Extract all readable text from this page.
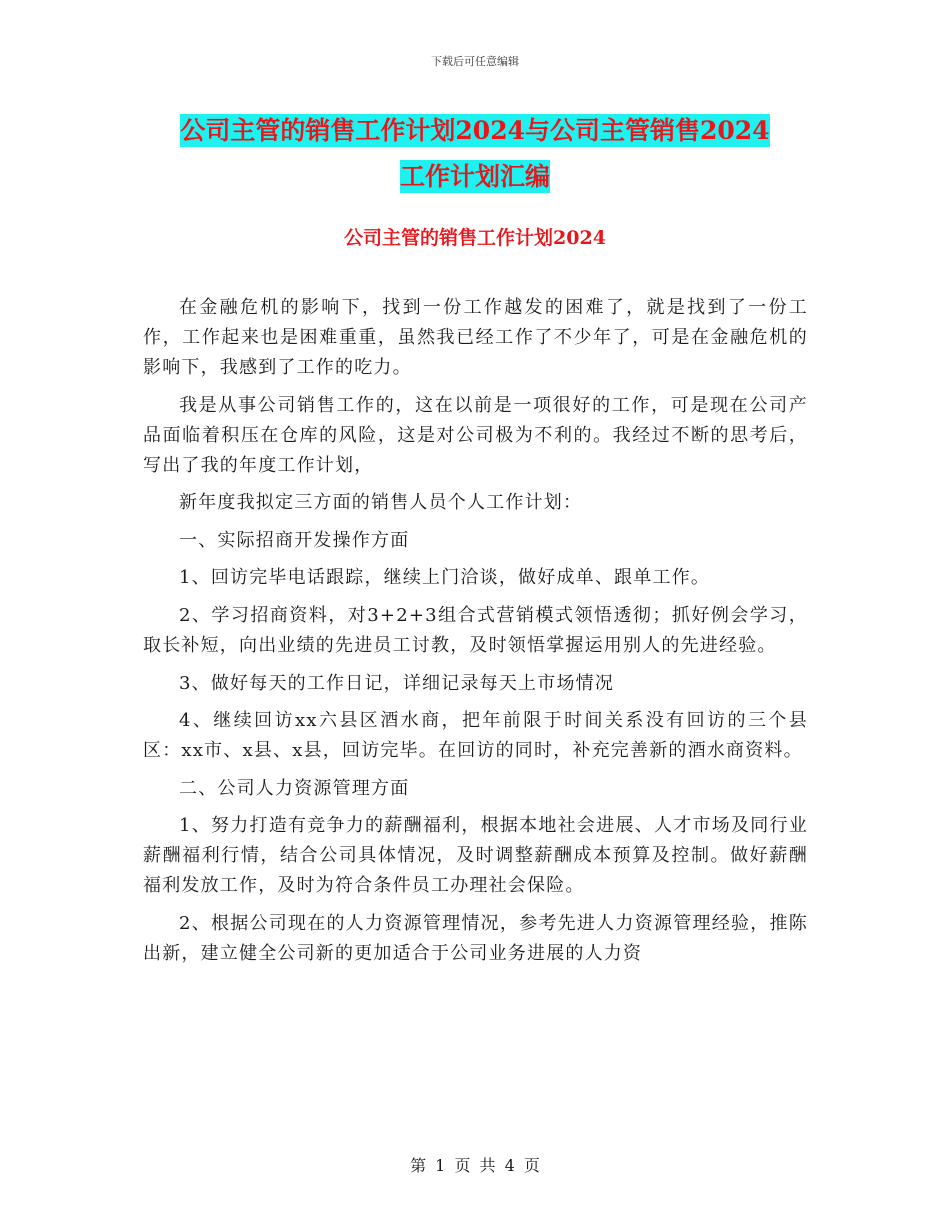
下载后可任意编辑
公司主管的销售工作计划2024与公司主管销售2024
工作计划汇编
公司主管的销售工作计划2024

在金融危机的影响下，找到一份工作越发的困难了，就是找到了一份工作，工作起来也是困难重重，虽然我已经工作了不少年了，可是在金融危机的影响下，我感到了工作的吃力。

我是从事公司销售工作的，这在以前是一项很好的工作，可是现在公司产品面临着积压在仓库的风险，这是对公司极为不利的。我经过不断的思考后，写出了我的年度工作计划，

新年度我拟定三方面的销售人员个人工作计划：

一、实际招商开发操作方面

1、回访完毕电话跟踪，继续上门洽谈，做好成单、跟单工作。

2、学习招商资料，对3+2+3组合式营销模式领悟透彻；抓好例会学习，取长补短，向出业绩的先进员工讨教，及时领悟掌握运用别人的先进经验。

3、做好每天的工作日记，详细记录每天上市场情况

4、继续回访xx六县区酒水商，把年前限于时间关系没有回访的三个县区：xx市、x县、x县，回访完毕。在回访的同时，补充完善新的酒水商资料。

二、公司人力资源管理方面

1、努力打造有竞争力的薪酬福利，根据本地社会进展、人才市场及同行业薪酬福利行情，结合公司具体情况，及时调整薪酬成本预算及控制。做好薪酬福利发放工作，及时为符合条件员工办理社会保险。

2、根据公司现在的人力资源管理情况，参考先进人力资源管理经验，推陈出新，建立健全公司新的更加适合于公司业务进展的人力资

第 1 页 共 4 页
